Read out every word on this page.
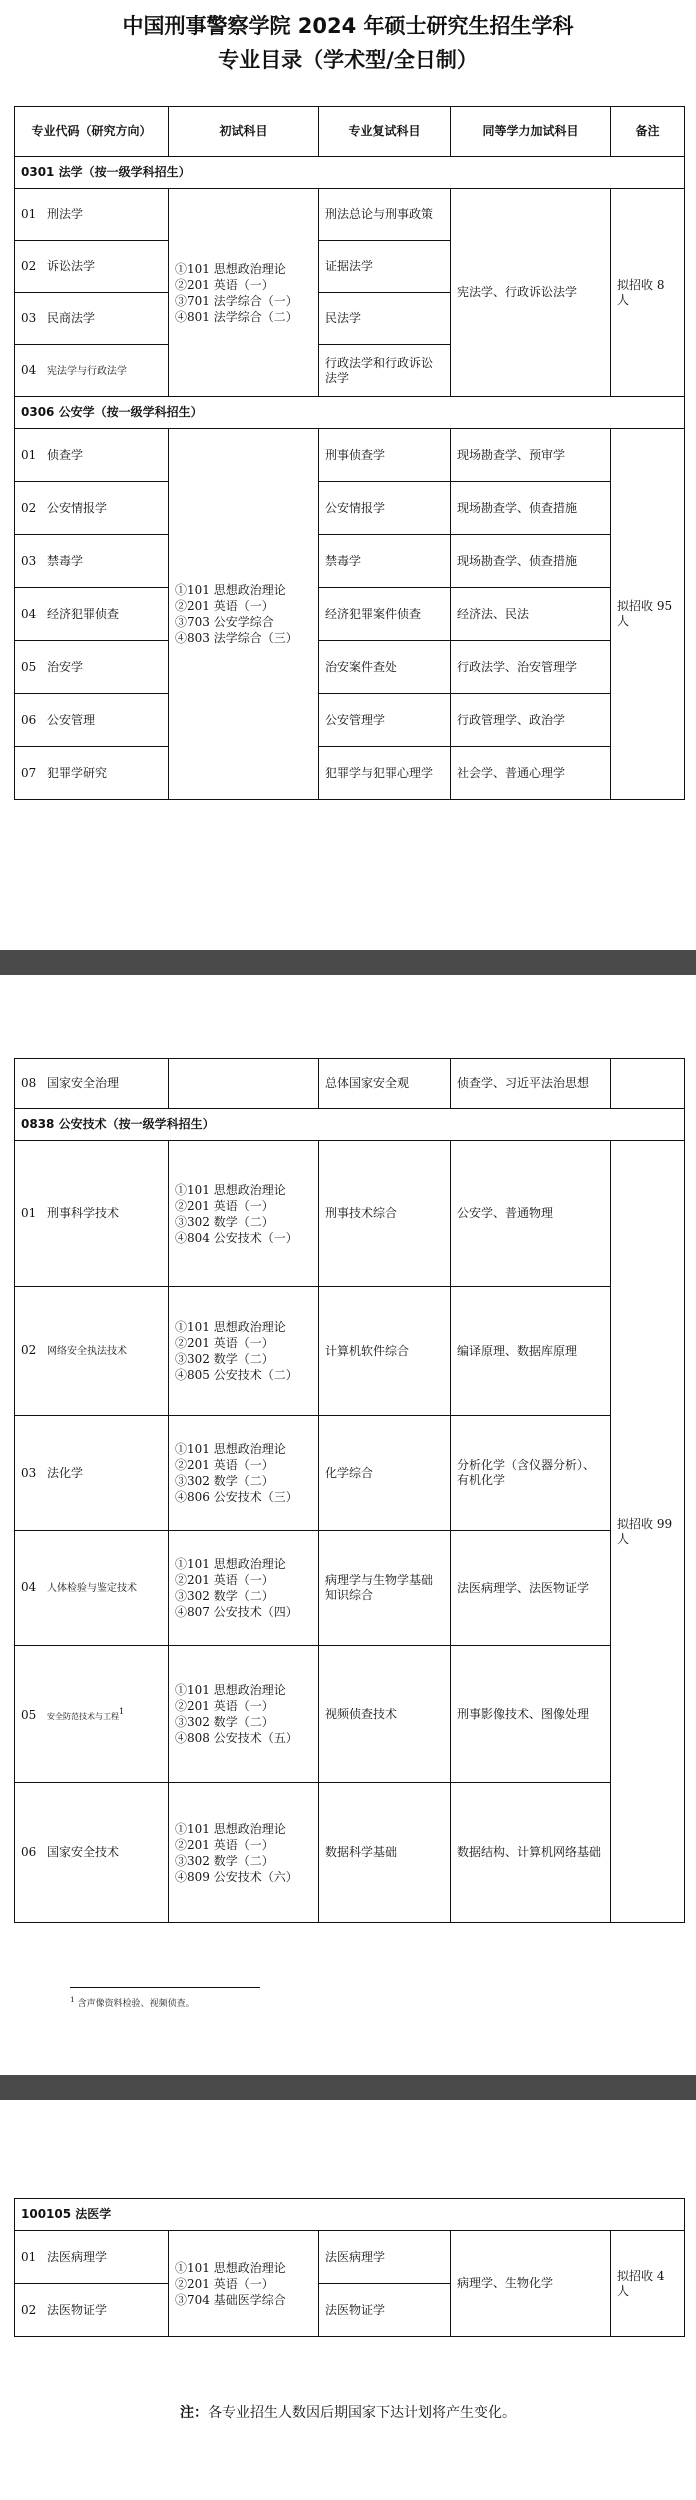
中国刑事警察学院 2024 年硕士研究生招生学科
专业目录（学术型/全日制）
专业代码（研究方向）	初试科目	专业复试科目	同等学力加试科目	备注
0301 法学（按一级学科招生）				
01 刑法学	①101 思想政治理论
②201 英语（一）
③701 法学综合（一）
④801 法学综合（二）	刑法总论与刑事政策	宪法学、行政诉讼法学	拟招收 8 人
02 诉讼法学		证据法学		
03 民商法学		民法学		
04 宪法学与行政法学		行政法学和行政诉讼法学		
0306 公安学（按一级学科招生）				
01 侦查学	①101 思想政治理论
②201 英语（一）
③703 公安学综合
④803 法学综合（三）	刑事侦查学	现场勘查学、预审学	拟招收 95 人
02 公安情报学		公安情报学	现场勘查学、侦查措施	
03 禁毒学		禁毒学	现场勘查学、侦查措施	
04 经济犯罪侦查		经济犯罪案件侦查	经济法、民法	
05 治安学		治安案件查处	行政法学、治安管理学	
06 公安管理		公安管理学	行政管理学、政治学	
07 犯罪学研究		犯罪学与犯罪心理学	社会学、普通心理学	
08 国家安全治理		总体国家安全观	侦查学、习近平法治思想	
0838 公安技术（按一级学科招生）				
01 刑事科学技术	①101 思想政治理论
②201 英语（一）
③302 数学（二）
④804 公安技术（一）	刑事技术综合	公安学、普通物理	拟招收 99 人
02 网络安全执法技术	①101 思想政治理论
②201 英语（一）
③302 数学（二）
④805 公安技术（二）	计算机软件综合	编译原理、数据库原理	
03 法化学	①101 思想政治理论
②201 英语（一）
③302 数学（二）
④806 公安技术（三）	化学综合	分析化学（含仪器分析）、有机化学	
04 人体检验与鉴定技术	①101 思想政治理论
②201 英语（一）
③302 数学（二）
④807 公安技术（四）	病理学与生物学基础知识综合	法医病理学、法医物证学	
05 安全防范技术与工程$^1$	①101 思想政治理论
②201 英语（一）
③302 数学（二）
④808 公安技术（五）	视频侦查技术	刑事影像技术、图像处理	
06 国家安全技术	①101 思想政治理论
②201 英语（一）
③302 数学（二）
④809 公安技术（六）	数据科学基础	数据结构、计算机网络基础	
$^1$ 含声像资料检验、视频侦查。
100105 法医学				
01 法医病理学	①101 思想政治理论
②201 英语（一）
③704 基础医学综合	法医病理学	病理学、生物化学	拟招收 4 人
02 法医物证学		法医物证学		
注：各专业招生人数因后期国家下达计划将产生变化。
